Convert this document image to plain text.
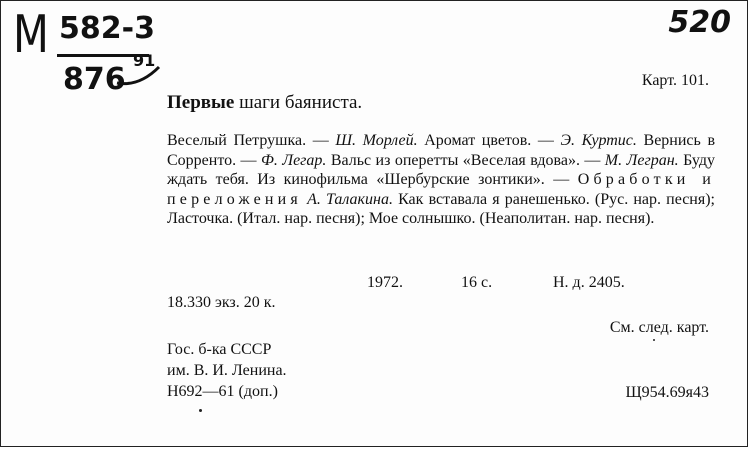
М 582-3
876
91
520
Карт. 101.
Первые шаги баяниста.
Веселый Петрушка. — Ш. Морлей. Аромат цветов. — Э. Куртис. Вернись в Сорренто. — Ф. Легар. Вальс из оперетты «Веселая вдова». — М. Легран. Буду ждать тебя. Из кинофильма «Шербурские зонтики». — Обработки и переложения А. Талакина. Как вставала я ранешенько. (Рус. нар. песня); Ласточка. (Итал. нар. песня); Мое солнышко. (Неаполитан. нар. песня).
1972.	16 с.	Н. д. 2405.
18.330 экз. 20 к.
См. след. карт.
Гос. б-ка СССР
им. В. И. Ленина.
Н692—61 (доп.)	Щ954.69я43
